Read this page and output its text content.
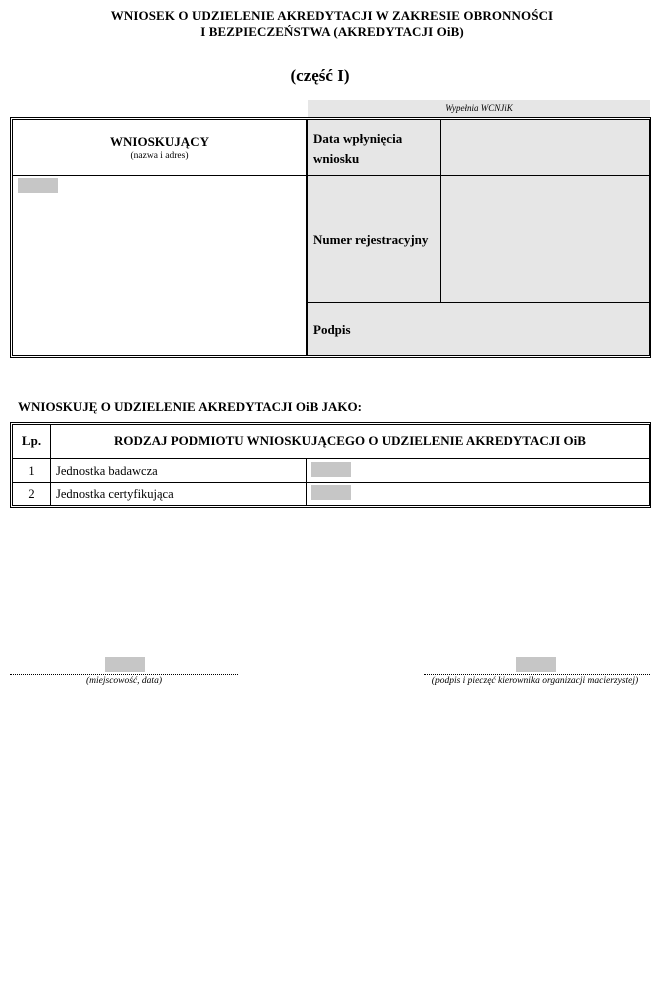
WNIOSEK O UDZIELENIE AKREDYTACJI W ZAKRESIE OBRONNOŚCI
I BEZPIECZEŃSTWA (AKREDYTACJI OiB)
(część I)
Wypełnia WCNJiK
WNIOSKUJĄCY
(nazwa i adres)
Data wpłynięcia
wniosku
Numer rejestracyjny
Podpis
WNIOSKUJĘ O UDZIELENIE AKREDYTACJI OiB JAKO:
Lp.	RODZAJ PODMIOTU WNIOSKUJĄCEGO O UDZIELENIE AKREDYTACJI OiB
1	Jednostka badawcza
2	Jednostka certyfikująca
(miejscowość, data)	(podpis i pieczęć kierownika organizacji macierzystej)
